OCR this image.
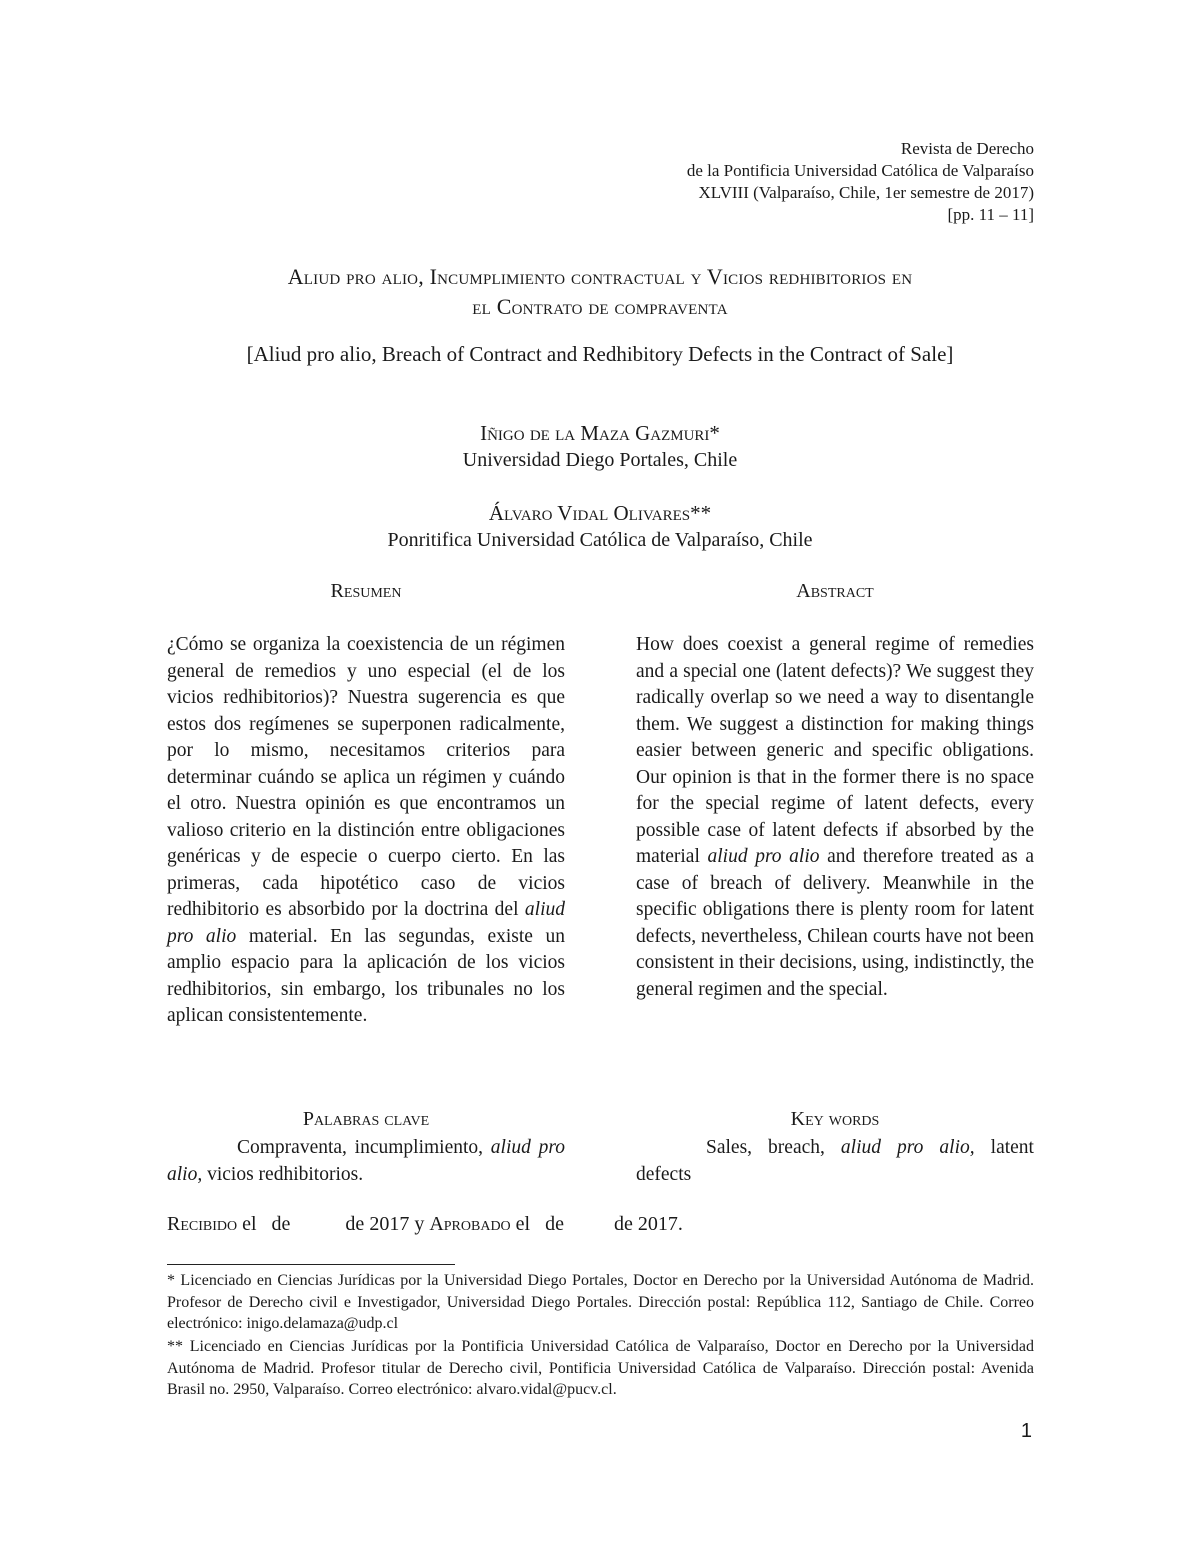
Revista de Derecho
de la Pontificia Universidad Católica de Valparaíso
XLVIII (Valparaíso, Chile, 1er semestre de 2017)
[pp. 11 – 11]
Aliud pro alio, Incumplimiento contractual y Vicios redhibitorios en
el Contrato de compraventa
[Aliud pro alio, Breach of Contract and Redhibitory Defects in the Contract of Sale]
Iñigo de la Maza Gazmuri*
Universidad Diego Portales, Chile
Álvaro Vidal Olivares**
Ponritifica Universidad Católica de Valparaíso, Chile
Resumen	Abstract
¿Cómo se organiza la coexistencia de un régimen general de remedios y uno especial (el de los vicios redhibitorios)? Nuestra sugerencia es que estos dos regímenes se superponen radicalmente, por lo mismo, necesitamos criterios para determinar cuándo se aplica un régimen y cuándo el otro. Nuestra opinión es que encontramos un valioso criterio en la distinción entre obligaciones genéricas y de especie o cuerpo cierto. En las primeras, cada hipotético caso de vicios redhibitorio es absorbido por la doctrina del aliud pro alio material. En las segundas, existe un amplio espacio para la aplicación de los vicios redhibitorios, sin embargo, los tribunales no los aplican consistentemente.
How does coexist a general regime of remedies and a special one (latent defects)? We suggest they radically overlap so we need a way to disentangle them. We suggest a distinction for making things easier between generic and specific obligations. Our opinion is that in the former there is no space for the special regime of latent defects, every possible case of latent defects if absorbed by the material aliud pro alio and therefore treated as a case of breach of delivery. Meanwhile in the specific obligations there is plenty room for latent defects, nevertheless, Chilean courts have not been consistent in their decisions, using, indistinctly, the general regimen and the special.
Palabras clave	Key words
Compraventa, incumplimiento, aliud pro alio, vicios redhibitorios.
Sales, breach, aliud pro alio, latent defects
Recibido el   de           de 2017 y Aprobado el   de          de 2017.
* Licenciado en Ciencias Jurídicas por la Universidad Diego Portales, Doctor en Derecho por la Universidad Autónoma de Madrid. Profesor de Derecho civil e Investigador, Universidad Diego Portales. Dirección postal: República 112, Santiago de Chile. Correo electrónico: inigo.delamaza@udp.cl
** Licenciado en Ciencias Jurídicas por la Pontificia Universidad Católica de Valparaíso, Doctor en Derecho por la Universidad Autónoma de Madrid. Profesor titular de Derecho civil, Pontificia Universidad Católica de Valparaíso. Dirección postal: Avenida Brasil no. 2950, Valparaíso. Correo electrónico: alvaro.vidal@pucv.cl.
1
